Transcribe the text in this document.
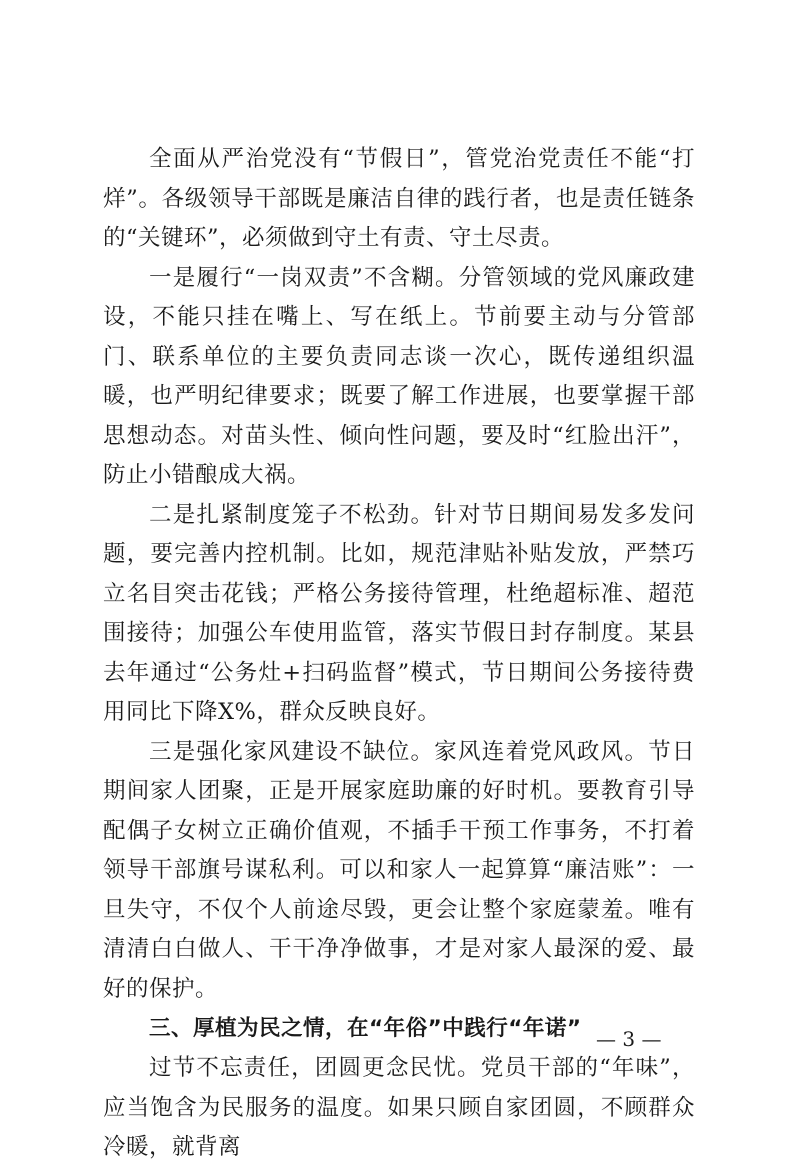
全面从严治党没有“节假日”，管党治党责任不能“打烊”。各级领导干部既是廉洁自律的践行者，也是责任链条的“关键环”，必须做到守土有责、守土尽责。

一是履行“一岗双责”不含糊。分管领域的党风廉政建设，不能只挂在嘴上、写在纸上。节前要主动与分管部门、联系单位的主要负责同志谈一次心，既传递组织温暖，也严明纪律要求；既要了解工作进展，也要掌握干部思想动态。对苗头性、倾向性问题，要及时“红脸出汗”，防止小错酿成大祸。

二是扎紧制度笼子不松劲。针对节日期间易发多发问题，要完善内控机制。比如，规范津贴补贴发放，严禁巧立名目突击花钱；严格公务接待管理，杜绝超标准、超范围接待；加强公车使用监管，落实节假日封存制度。某县去年通过“公务灶+扫码监督”模式，节日期间公务接待费用同比下降X%，群众反映良好。

三是强化家风建设不缺位。家风连着党风政风。节日期间家人团聚，正是开展家庭助廉的好时机。要教育引导配偶子女树立正确价值观，不插手干预工作事务，不打着领导干部旗号谋私利。可以和家人一起算算“廉洁账”：一旦失守，不仅个人前途尽毁，更会让整个家庭蒙羞。唯有清清白白做人、干干净净做事，才是对家人最深的爱、最好的保护。

三、厚植为民之情，在“年俗”中践行“年诺”

过节不忘责任，团圆更念民忧。党员干部的“年味”，应当饱含为民服务的温度。如果只顾自家团圆，不顾群众冷暖，就背离

— 3 —
